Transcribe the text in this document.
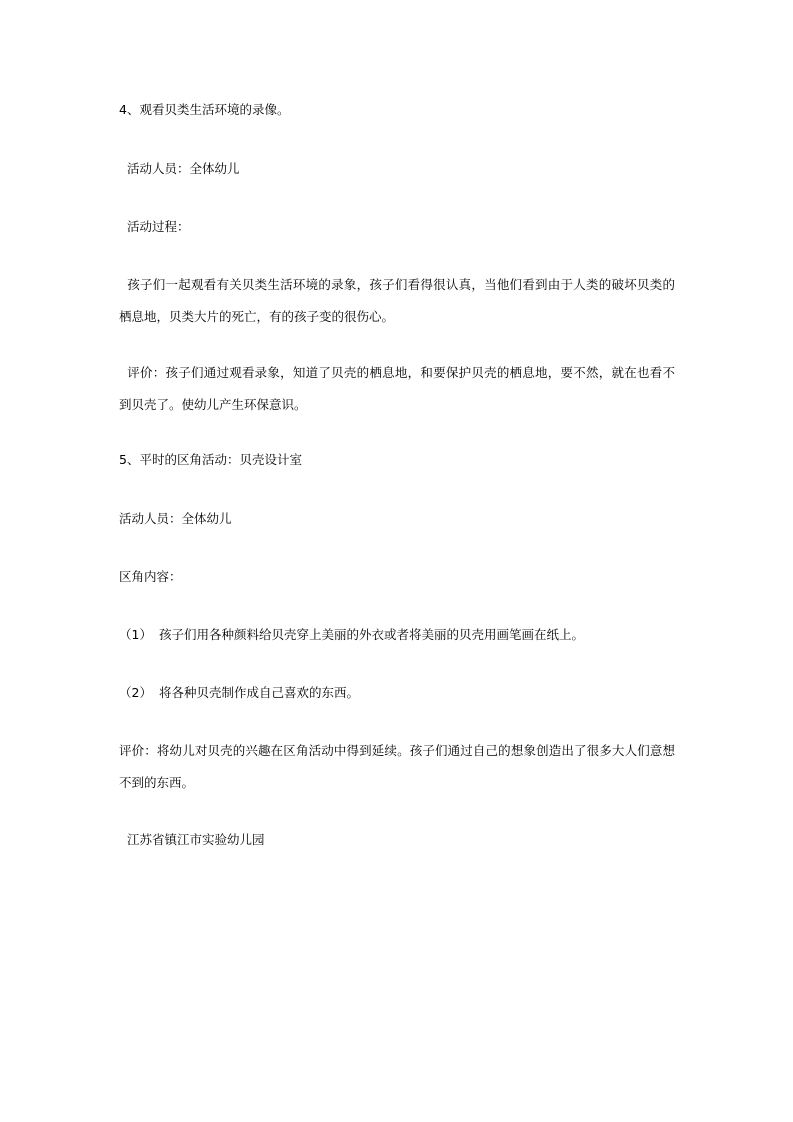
4、观看贝类生活环境的录像。
活动人员：全体幼儿
活动过程：
孩子们一起观看有关贝类生活环境的录象，孩子们看得很认真，当他们看到由于人类的破坏贝类的栖息地，贝类大片的死亡，有的孩子变的很伤心。
评价：孩子们通过观看录象，知道了贝壳的栖息地，和要保护贝壳的栖息地，要不然，就在也看不到贝壳了。使幼儿产生环保意识。
5、平时的区角活动：贝壳设计室
活动人员：全体幼儿
区角内容：
（1） 孩子们用各种颜料给贝壳穿上美丽的外衣或者将美丽的贝壳用画笔画在纸上。
（2） 将各种贝壳制作成自己喜欢的东西。
评价：将幼儿对贝壳的兴趣在区角活动中得到延续。孩子们通过自己的想象创造出了很多大人们意想不到的东西。
江苏省镇江市实验幼儿园
